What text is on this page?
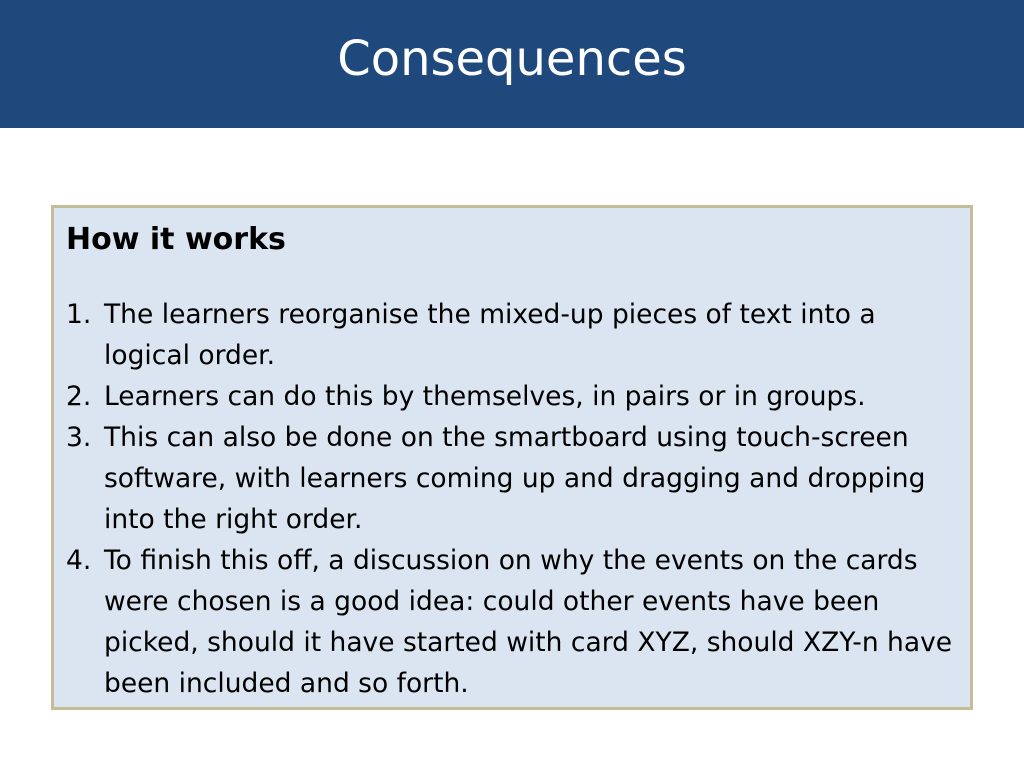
Consequences
How it works
1. The learners reorganise the mixed-up pieces of text into a logical order.
2. Learners can do this by themselves, in pairs or in groups.
3. This can also be done on the smartboard using touch-screen software, with learners coming up and dragging and dropping into the right order.
4. To finish this off, a discussion on why the events on the cards were chosen is a good idea: could other events have been picked, should it have started with card XYZ, should XZY-n have been included and so forth.
